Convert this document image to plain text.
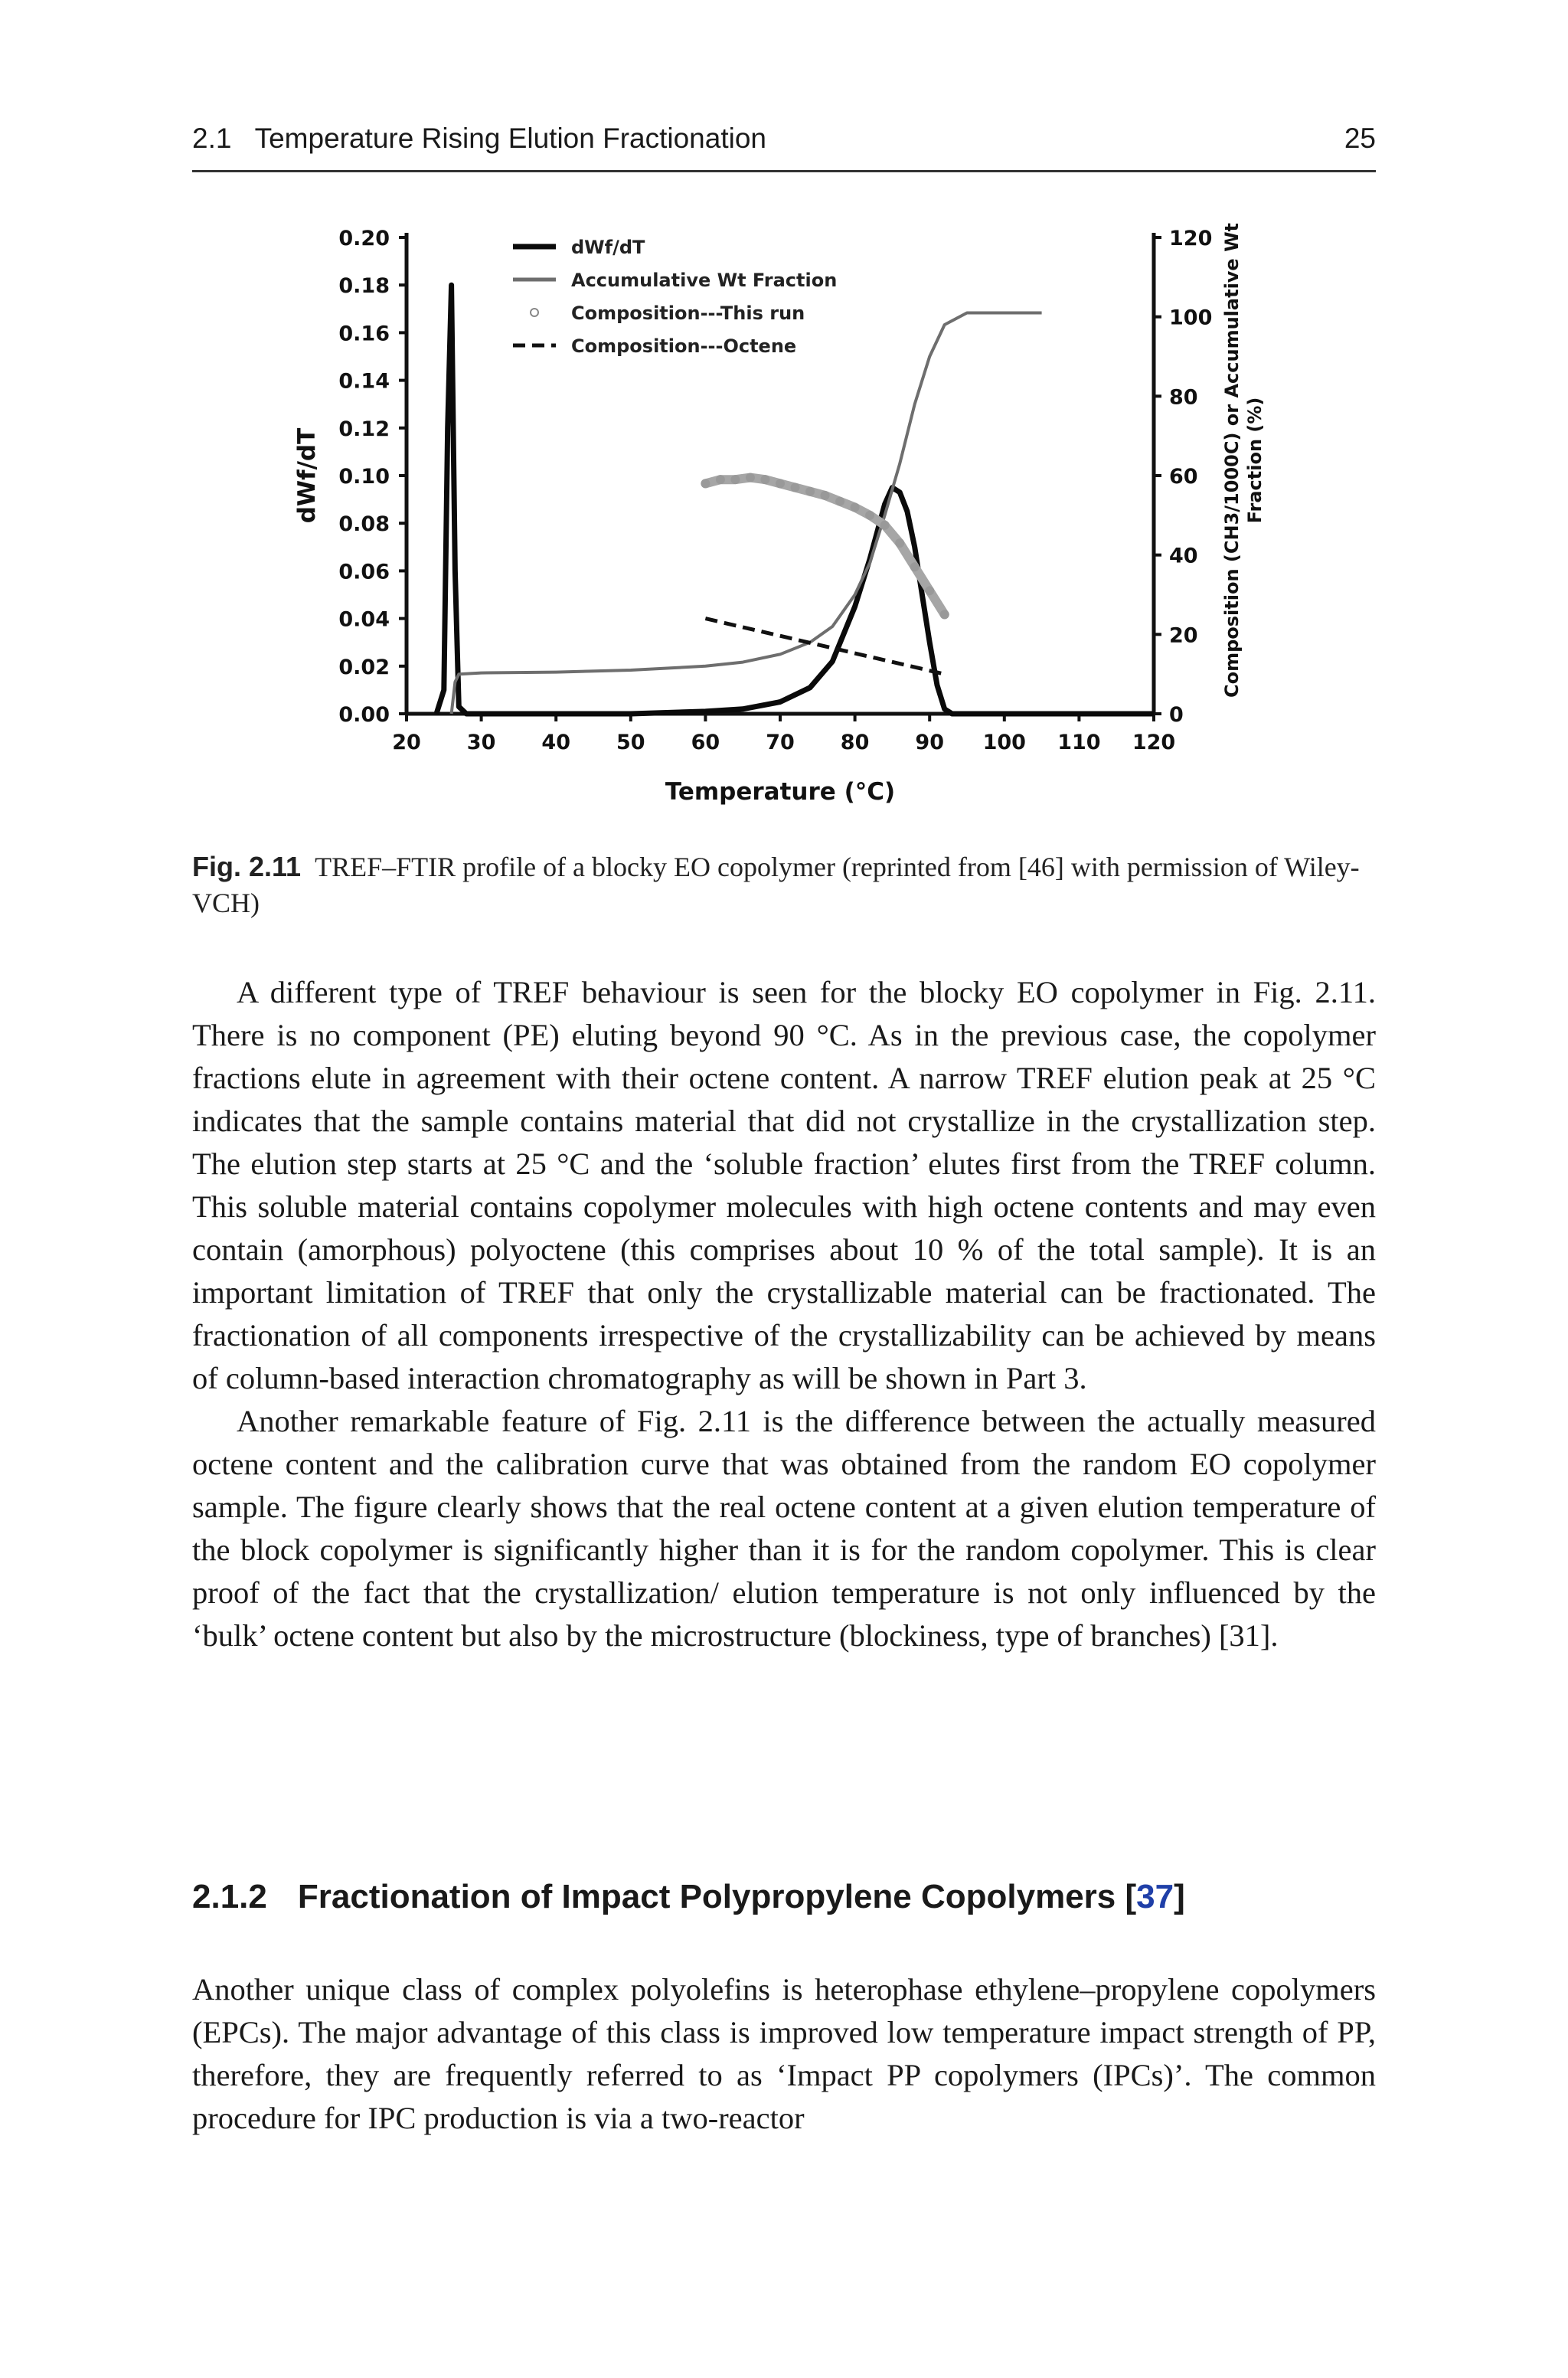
2.1   Temperature Rising Elution Fractionation	25
20 30 40 50 60 70 80 90 100 110 120
0.00
0.02
0.04
0.06
0.08
0.10
0.12
0.14
0.16
0.18
0.20
0
20
40
60
80
100
120
Temperature (°C)
dWf/dT	Composition (CH3/1000C) or Accumulative WtFraction (%)
dWf/dT
Accumulative Wt Fraction
Composition---This run
Composition---Octene
Fig. 2.11 TREF–FTIR profile of a blocky EO copolymer (reprinted from [46] with permission of Wiley-VCH)

A different type of TREF behaviour is seen for the blocky EO copolymer in Fig. 2.11. There is no component (PE) eluting beyond 90 °C. As in the previous case, the copolymer fractions elute in agreement with their octene content. A narrow TREF elution peak at 25 °C indicates that the sample contains material that did not crystallize in the crystallization step. The elution step starts at 25 °C and the ‘soluble fraction’ elutes first from the TREF column. This soluble material contains copolymer molecules with high octene contents and may even contain (amorphous) polyoctene (this comprises about 10 % of the total sample). It is an important limitation of TREF that only the crystallizable material can be fractionated. The fractionation of all components irrespective of the crystallizability can be achieved by means of column-based interaction chromatography as will be shown in Part 3.

Another remarkable feature of Fig. 2.11 is the difference between the actually measured octene content and the calibration curve that was obtained from the random EO copolymer sample. The figure clearly shows that the real octene content at a given elution temperature of the block copolymer is significantly higher than it is for the random copolymer. This is clear proof of the fact that the crystallization/ elution temperature is not only influenced by the ‘bulk’ octene content but also by the microstructure (blockiness, type of branches) [31].

2.1.2 Fractionation of Impact Polypropylene Copolymers [37]

Another unique class of complex polyolefins is heterophase ethylene–propylene copolymers (EPCs). The major advantage of this class is improved low temperature impact strength of PP, therefore, they are frequently referred to as ‘Impact PP copolymers (IPCs)’. The common procedure for IPC production is via a two-reactor
